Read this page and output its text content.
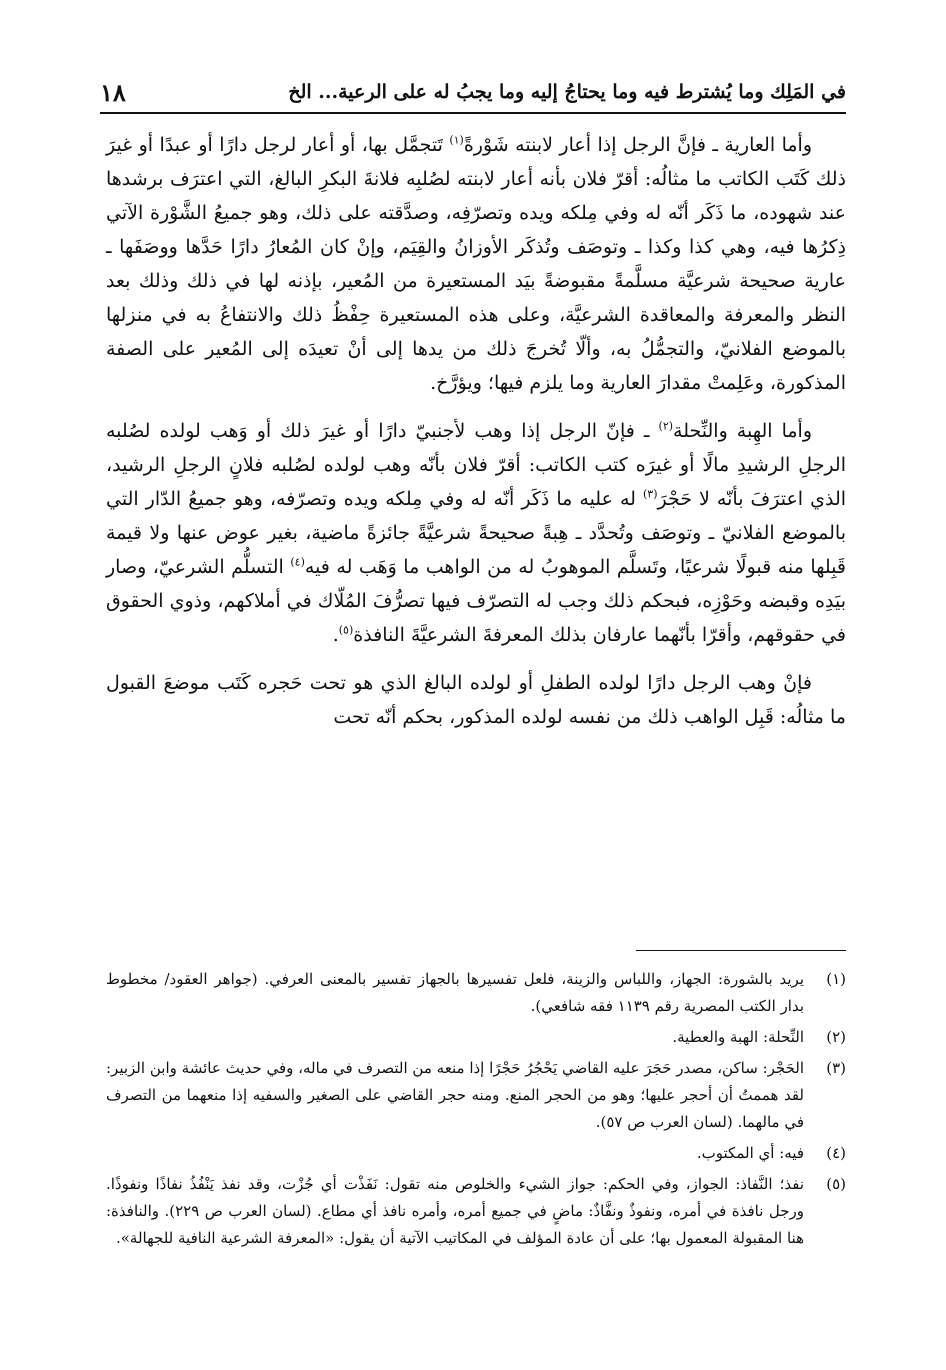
في المَلِك وما يُشترط فيه وما يحتاجُ إليه وما يجبُ له على الرعية... الخ
١٨

وأما العارية ـ فإنَّ الرجل إذا أعار لابنته شَوْرةً$^{(١)}$ تَتجمَّل بها، أو أعار لرجل دارًا أو عبدًا أو غيرَ ذلك كَتَب الكاتب ما مثالُه: أقرّ فلان بأنه أعار لابنته لصُلبِه فلانةَ البكرِ البالغ، التي اعترَف برشدها عند شهوده، ما ذَكَر أنّه له وفي مِلكه ويده وتصرّفِه، وصدَّقته على ذلك، وهو جميعُ الشَّوْرة الآتي ذِكرُها فيه، وهي كذا وكذا ـ وتوصَف وتُذكَر الأوزانُ والقِيَم، وإنْ كان المُعارُ دارًا حَدَّها ووصَفَها ـ عارية صحيحة شرعيَّة مسلَّمةً مقبوضةً بيَد المستعيرة من المُعير، بإذنه لها في ذلك وذلك بعد النظر والمعرفة والمعاقدة الشرعيَّة، وعلى هذه المستعيرة حِفْظُ ذلك والانتفاعُ به في منزلها بالموضع الفلانيّ، والتجمُّلُ به، وألّا تُخرجَ ذلك من يدها إلى أنْ تعيدَه إلى المُعير على الصفة المذكورة، وعَلِمتْ مقدارَ العارية وما يلزم فيها؛ ويؤرَّخ.

وأما الهِبة والنِّحلة$^{(٢)}$ ـ فإنّ الرجل إذا وهب لأجنبيّ دارًا أو غيرَ ذلك أو وَهب لولده لصُلبه الرجلِ الرشيدِ مالًا أو غيرَه كتب الكاتب: أقرّ فلان بأنّه وهب لولده لصُلبه فلانٍ الرجلِ الرشيد، الذي اعترَفَ بأنّه لا حَجْرَ$^{(٣)}$ له عليه ما ذَكَر أنّه له وفي مِلكه ويده وتصرّفه، وهو جميعُ الدّار التي بالموضع الفلانيّ ـ وتوصَف وتُحدَّد ـ هِبةً صحيحةً شرعيَّةً جائزةً ماضية، بغير عوض عنها ولا قيمة قَبِلها منه قبولًا شرعيًا، وتَسلَّم الموهوبُ له من الواهب ما وَهَب له فيه$^{(٤)}$ التسلُّم الشرعيّ، وصار بيَدِه وقبضه وحَوْزِه، فبحكم ذلك وجب له التصرّف فيها تصرُّفَ المُلّاك في أملاكهم، وذوي الحقوق في حقوقهم، وأقرّا بأنّهما عارفان بذلك المعرفةَ الشرعيَّةَ النافذة$^{(٥)}$.

فإنْ وهب الرجل دارًا لولده الطفلِ أو لولده البالغ الذي هو تحت حَجره كَتَب موضعَ القبول ما مثالُه: قَبِل الواهب ذلك من نفسه لولده المذكور، بحكم أنّه تحت

(١)
يريد بالشورة: الجهاز، واللباس والزينة، فلعل تفسيرها بالجهاز تفسير بالمعنى العرفي. (جواهر العقود/ مخطوط بدار الكتب المصرية رقم ١١٣٩ فقه شافعي).
(٢)
النِّحلة: الهبة والعطية.
(٣)
الحَجْر: ساكن، مصدر حَجَرَ عليه القاضي يَحْجُرُ حَجْرًا إذا منعه من التصرف في ماله، وفي حديث عائشة وابن الزبير: لقد هممتُ أن أحجر عليها؛ وهو من الحجر المنع. ومنه حجر القاضي على الصغير والسفيه إذا منعهما من التصرف في مالهما. (لسان العرب ص ٥٧).
(٤)
فيه: أي المكتوب.
(٥)
نفذ؛ النَّفاذ: الجواز، وفي الحكم: جواز الشيء والخلوص منه تقول: نَفَذْت أي جُزْت، وقد نفذ يَنْفُذُ نفاذًا ونفوذًا. ورجل نافذة في أمره، ونفوذٌ ونفَّاذٌ: ماضٍ في جميع أمره، وأمره نافذ أي مطاع. (لسان العرب ص ٢٢٩). والنافذة: هنا المقبولة المعمول بها؛ على أن عادة المؤلف في المكاتيب الآتية أن يقول: «المعرفة الشرعية النافية للجهالة».
